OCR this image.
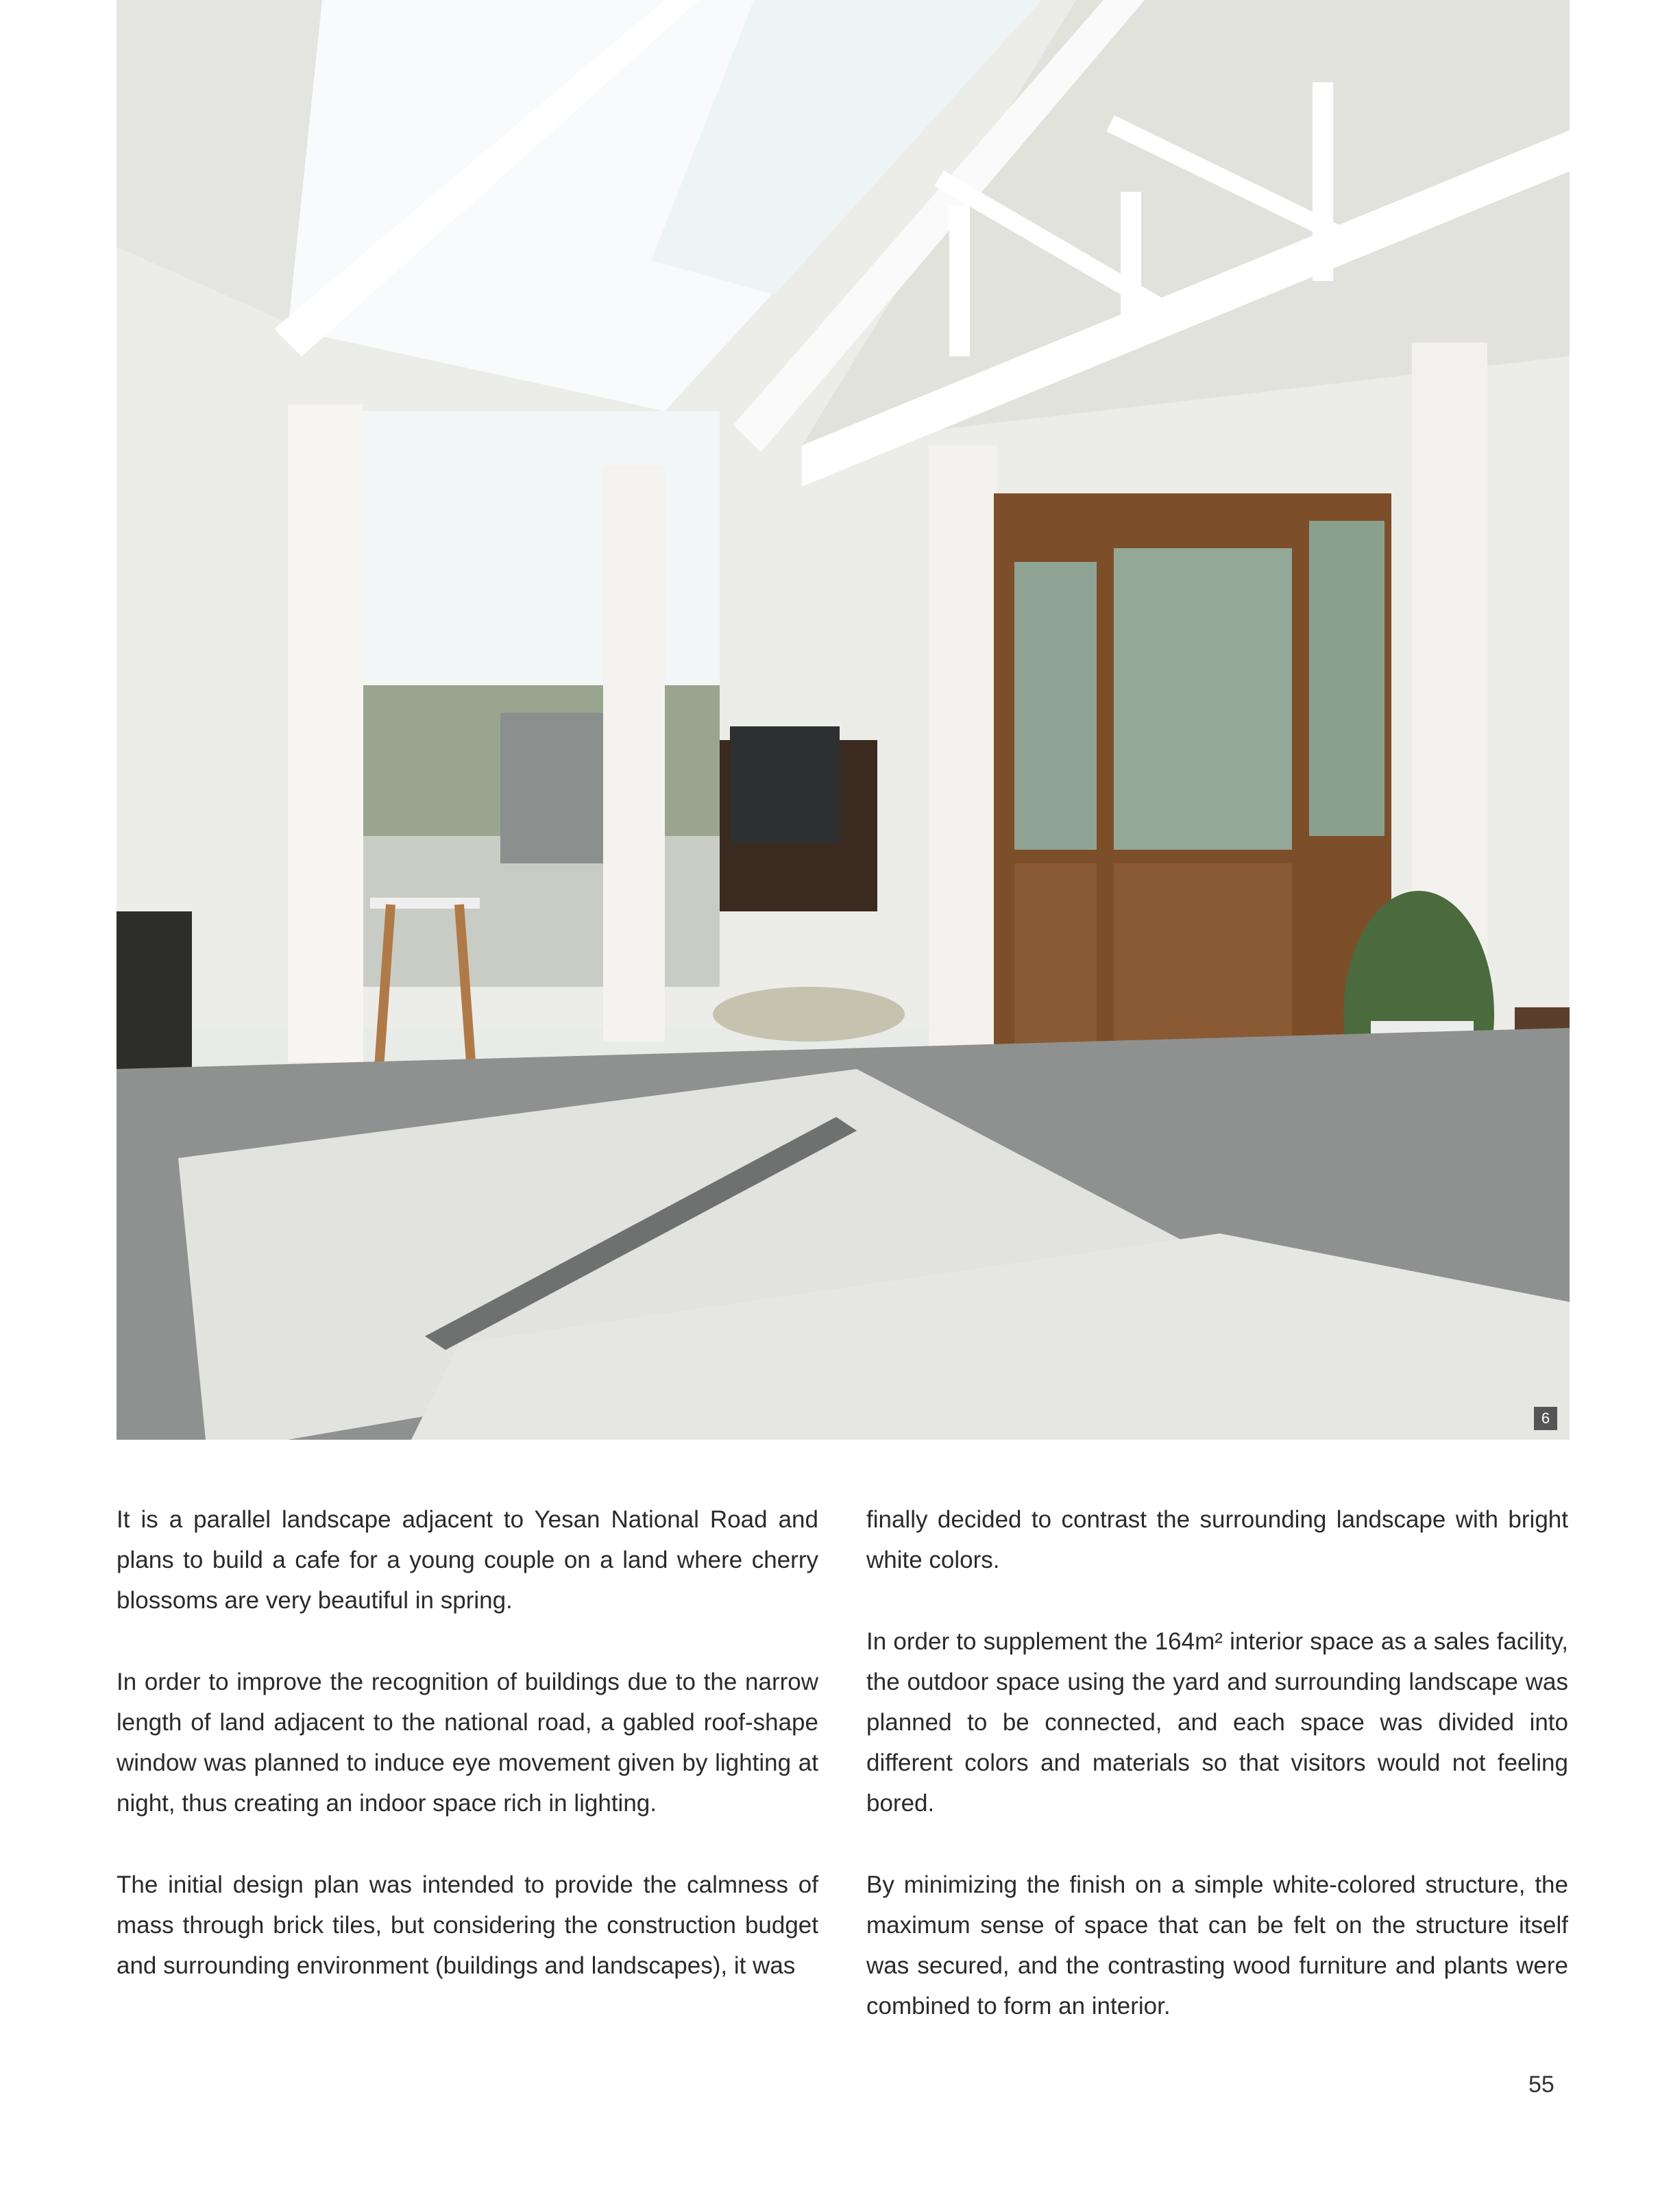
6

It is a parallel landscape adjacent to Yesan National Road and plans to build a cafe for a young couple on a land where cherry blossoms are very beautiful in spring.

In order to improve the recognition of buildings due to the narrow length of land adjacent to the national road, a gabled roof-shape window was planned to induce eye movement given by lighting at night, thus creating an indoor space rich in lighting.

The initial design plan was intended to provide the calmness of mass through brick tiles, but considering the construction budget and surrounding environment (buildings and landscapes), it was

finally decided to contrast the surrounding landscape with bright white colors.

In order to supplement the 164m² interior space as a sales facility, the outdoor space using the yard and surrounding landscape was planned to be connected, and each space was divided into different colors and materials so that visitors would not feeling bored.

By minimizing the finish on a simple white-colored structure, the maximum sense of space that can be felt on the structure itself was secured, and the contrasting wood furniture and plants were combined to form an interior.

55
